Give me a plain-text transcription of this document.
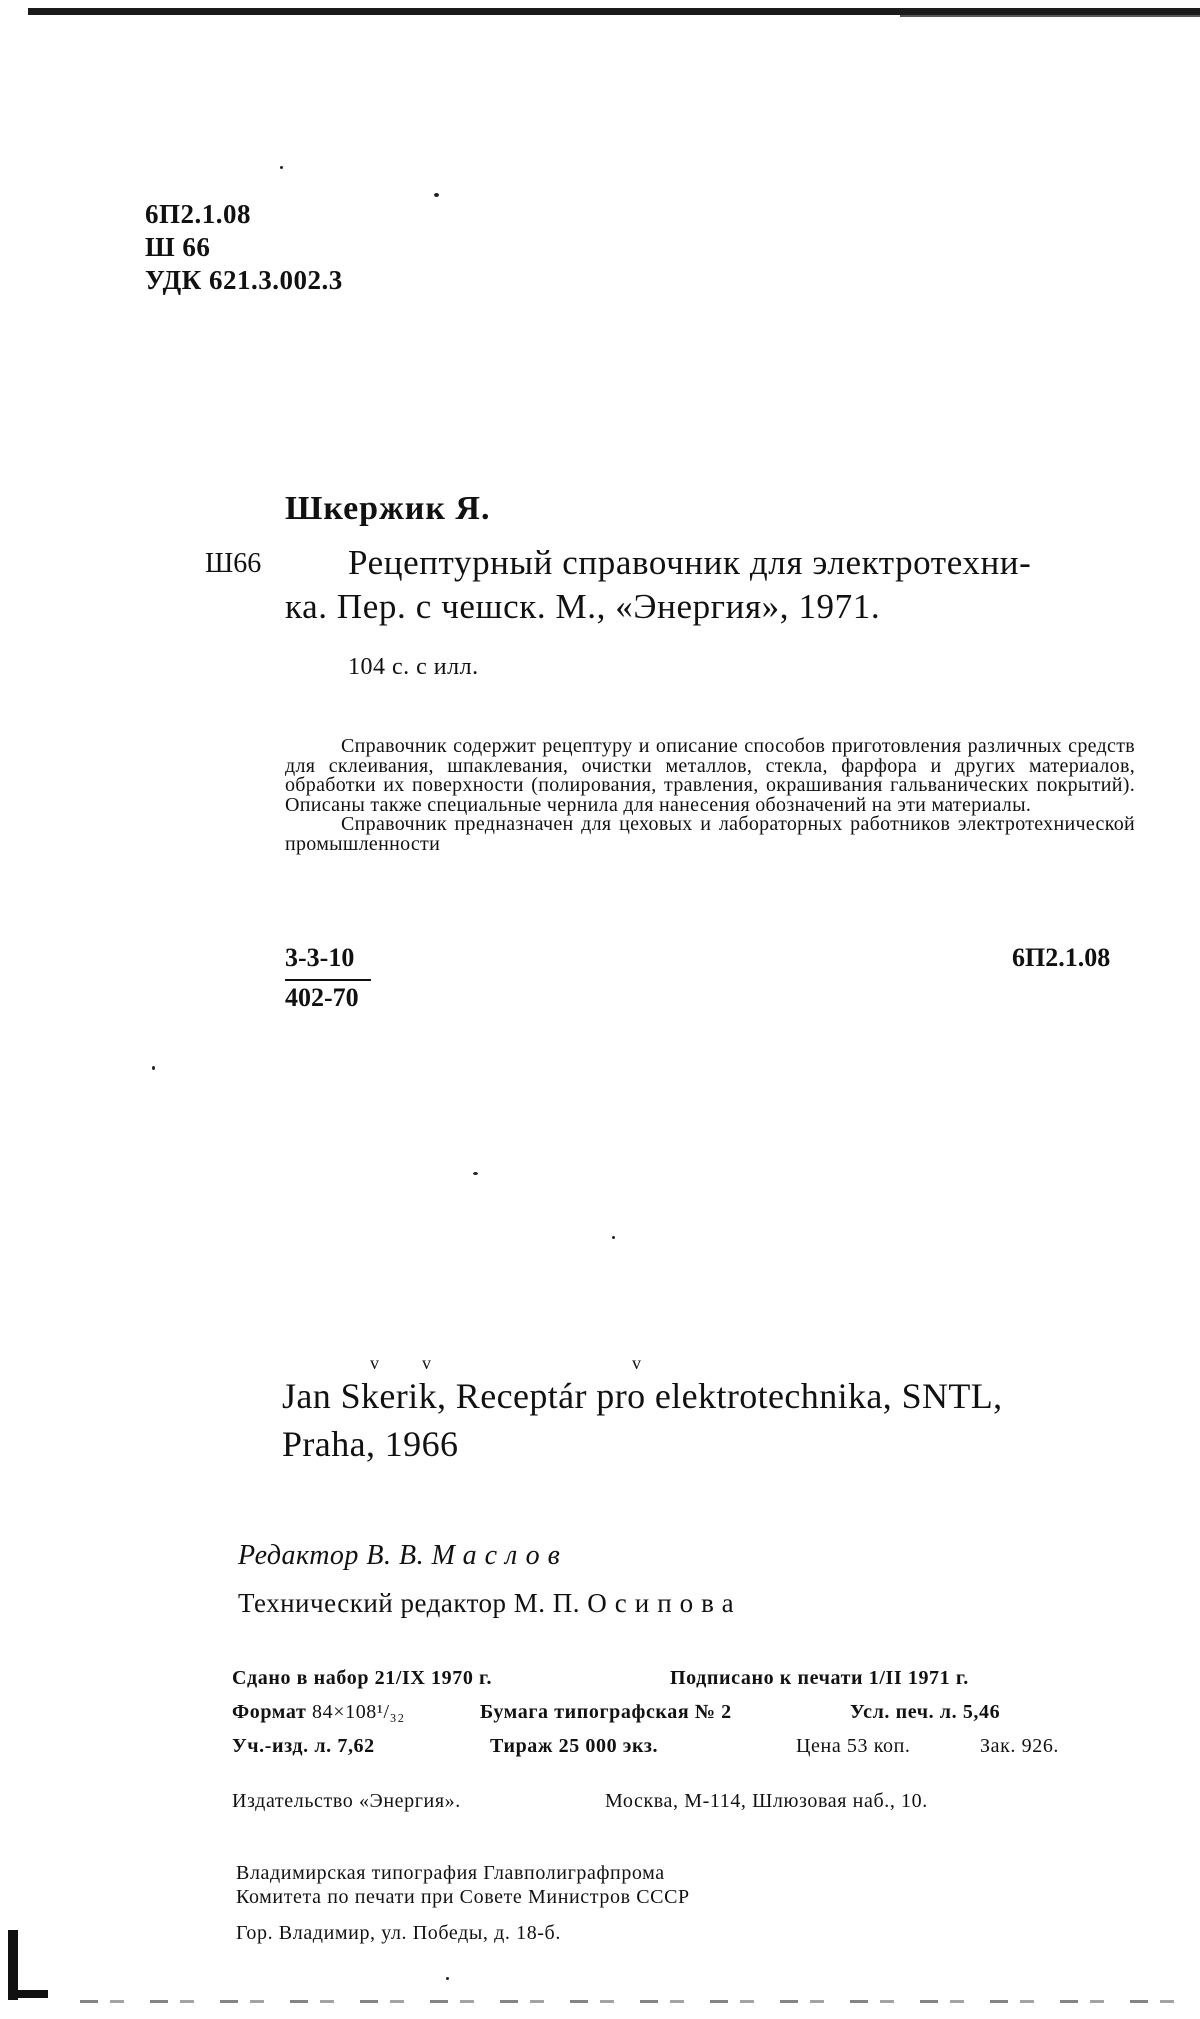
6П2.1.08
Ш 66
УДК 621.3.002.3
Шкержик Я.
Ш66 Рецептурный справочник для электротехни-
ка. Пер. с чешск. М., «Энергия», 1971.
104 с. с илл.

Справочник содержит рецептуру и описание способов приготовления различных средств для склеивания, шпаклевания, очистки металлов, стекла, фарфора и других материалов, обработки их поверхности (полирования, травления, окрашивания гальванических покрытий). Описаны также специальные чернила для нанесения обозначений на эти материалы.

Справочник предназначен для цеховых и лабораторных работников электротехнической промышленности

3-3-10
402-70
6П2.1.08
v v	v
Jan Skerik, Receptár pro elektrotechnika, SNTL,
Praha, 1966
Редактор В. В. Маслов
Технический редактор М. П. Осипова
Сдано в набор 21/IX 1970 г.	Подписано к печати 1/II 1971 г.
Формат 84×108¹/₃₂	Бумага типографская № 2	Усл. печ. л. 5,46
Уч.-изд. л. 7,62	Тираж 25 000 экз.	Цена 53 коп.	Зак. 926.
Издательство «Энергия».	Москва, М-114, Шлюзовая наб., 10.
Владимирская типография Главполиграфпрома
Комитета по печати при Совете Министров СССР
Гор. Владимир, ул. Победы, д. 18-б.
